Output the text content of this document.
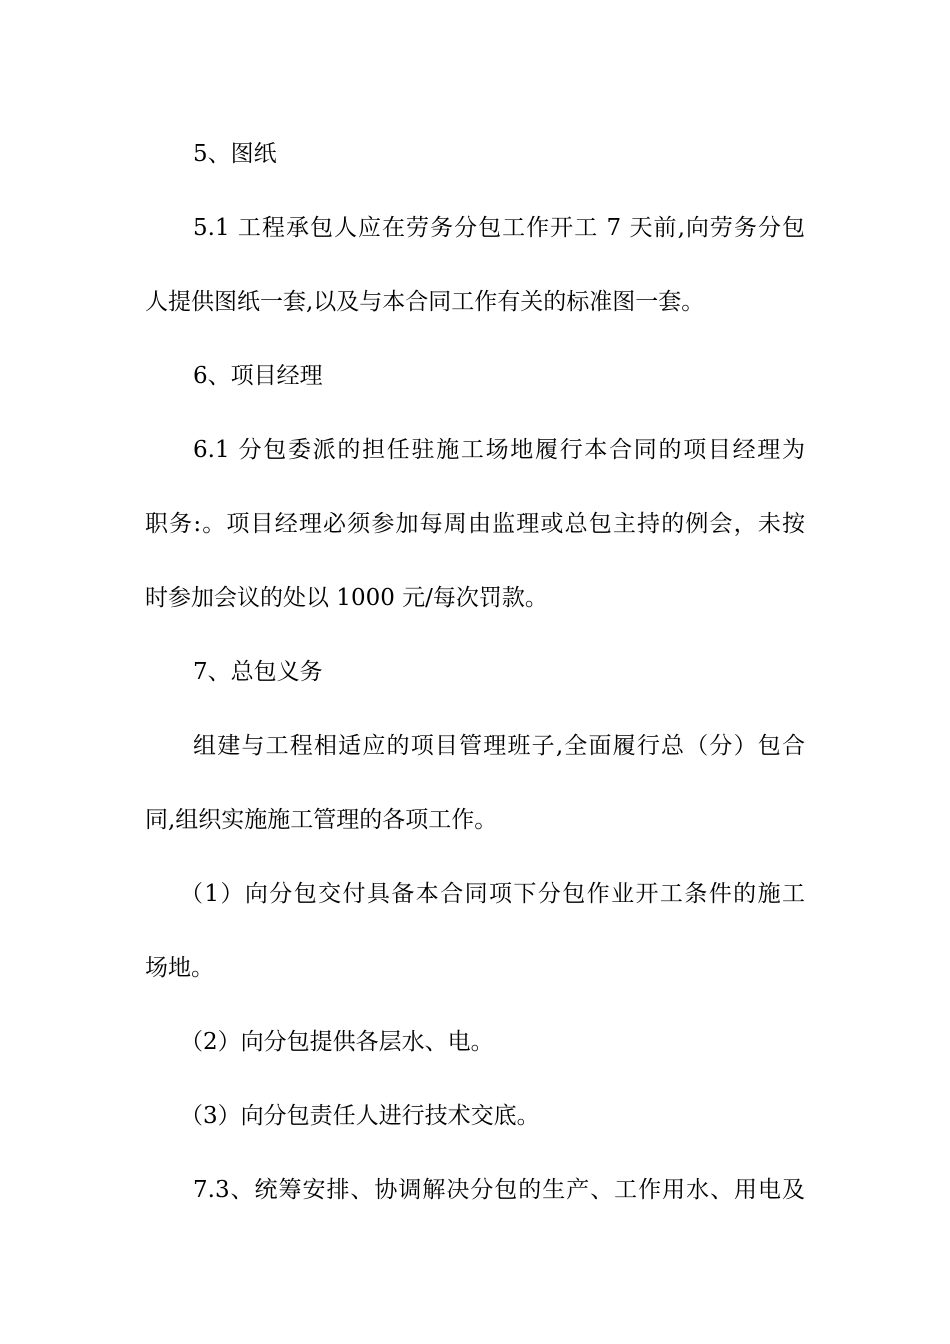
5、图纸
5.1 工程承包人应在劳务分包工作开工 7 天前,向劳务分包
人提供图纸一套,以及与本合同工作有关的标准图一套。
6、项目经理
6.1 分包委派的担任驻施工场地履行本合同的项目经理为
职务:。项目经理必须参加每周由监理或总包主持的例会，未按
时参加会议的处以 1000 元/每次罚款。
7、总包义务
组建与工程相适应的项目管理班子,全面履行总（分）包合
同,组织实施施工管理的各项工作。
（1）向分包交付具备本合同项下分包作业开工条件的施工
场地。
（2）向分包提供各层水、电。
（3）向分包责任人进行技术交底。
7.3、统筹安排、协调解决分包的生产、工作用水、用电及
